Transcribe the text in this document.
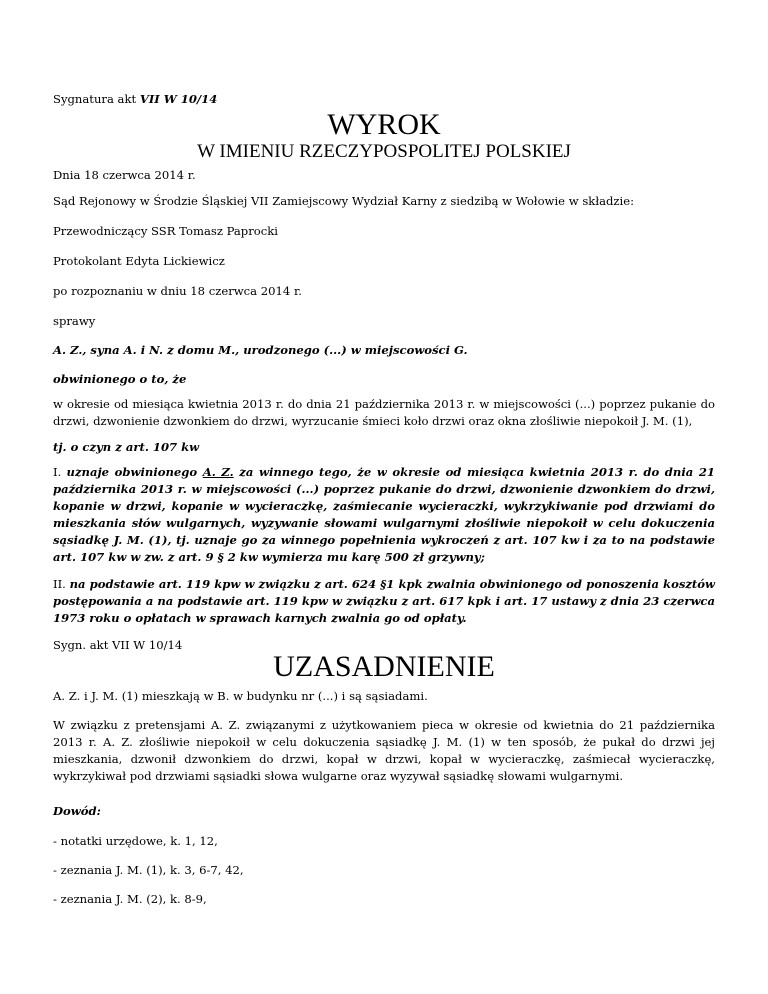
Sygnatura akt VII W 10/14

WYROK
W IMIENIU RZECZYPOSPOLITEJ POLSKIEJ

Dnia 18 czerwca 2014 r.

Sąd Rejonowy w Środzie Śląskiej VII Zamiejscowy Wydział Karny z siedzibą w Wołowie w składzie:

Przewodniczący SSR Tomasz Paprocki

Protokolant Edyta Lickiewicz

po rozpoznaniu w dniu 18 czerwca 2014 r.

sprawy

A. Z., syna A. i N. z domu M., urodzonego (...) w miejscowości G.

obwinionego o to, że

w okresie od miesiąca kwietnia 2013 r. do dnia 21 października 2013 r. w miejscowości (...) poprzez pukanie do drzwi, dzwonienie dzwonkiem do drzwi, wyrzucanie śmieci koło drzwi oraz okna złośliwie niepokoił J. M. (1),

tj. o czyn z art. 107 kw

I. uznaje obwinionego A. Z. za winnego tego, że w okresie od miesiąca kwietnia 2013 r. do dnia 21 października 2013 r. w miejscowości (...) poprzez pukanie do drzwi, dzwonienie dzwonkiem do drzwi, kopanie w drzwi, kopanie w wycieraczkę, zaśmiecanie wycieraczki, wykrzykiwanie pod drzwiami do mieszkania słów wulgarnych, wyzywanie słowami wulgarnymi złośliwie niepokoił w celu dokuczenia sąsiadkę J. M. (1), tj. uznaje go za winnego popełnienia wykroczeń z art. 107 kw i za to na podstawie art. 107 kw w zw. z art. 9 § 2 kw wymierza mu karę 500 zł grzywny;

II. na podstawie art. 119 kpw w związku z art. 624 §1 kpk zwalnia obwinionego od ponoszenia kosztów postępowania a na podstawie art. 119 kpw w związku z art. 617 kpk i art. 17 ustawy z dnia 23 czerwca 1973 roku o opłatach w sprawach karnych zwalnia go od opłaty.

Sygn. akt VII W 10/14

UZASADNIENIE

A. Z. i J. M. (1) mieszkają w B. w budynku nr (...) i są sąsiadami.

W związku z pretensjami A. Z. związanymi z użytkowaniem pieca w okresie od kwietnia do 21 października 2013 r. A. Z. złośliwie niepokoił w celu dokuczenia sąsiadkę J. M. (1) w ten sposób, że pukał do drzwi jej mieszkania, dzwonił dzwonkiem do drzwi, kopał w drzwi, kopał w wycieraczkę, zaśmiecał wycieraczkę, wykrzykiwał pod drzwiami sąsiadki słowa wulgarne oraz wyzywał sąsiadkę słowami wulgarnymi.

Dowód:

- notatki urzędowe, k. 1, 12,

- zeznania J. M. (1), k. 3, 6-7, 42,

- zeznania J. M. (2), k. 8-9,
